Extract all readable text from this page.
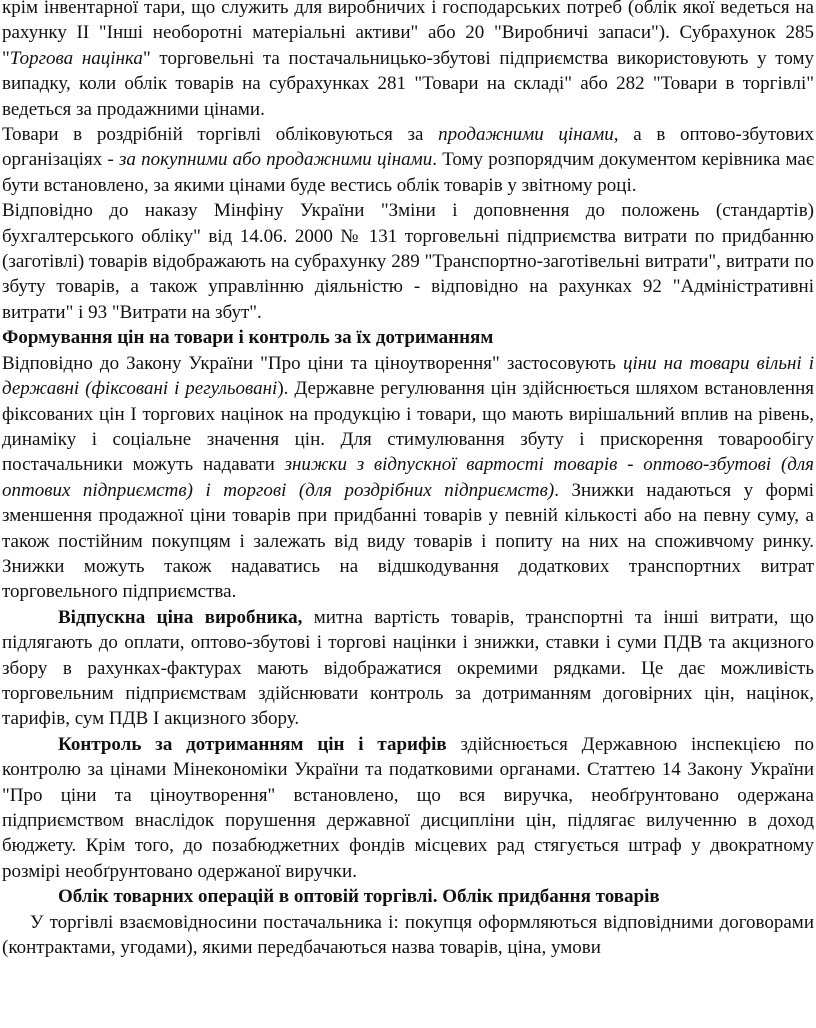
крім інвентарної тари, що служить для виробничих і господарських потреб (облік якої ведеться на рахунку ІІ "Інші необоротні матеріальні активи" або 20 "Виробничі запаси"). Субрахунок 285 "Торгова націнка" торговельні та постачальницько-збутові підприємства використовують у тому випадку, коли облік товарів на субрахунках 281 "Товари на складі" або 282 "Товари в торгівлі" ведеться за продажними цінами.

Товари в роздрібній торгівлі обліковуються за продажними цінами, а в оптово-збутових організаціях - за покупними або продажними цінами. Тому розпорядчим документом керівника має бути встановлено, за якими цінами буде вестись облік товарів у звітному році.

Відповідно до наказу Мінфіну України "Зміни і доповнення до положень (стандартів) бухгалтерського обліку" від 14.06. 2000 № 131 торговельні підприємства витрати по придбанню (заготівлі) товарів відображають на субрахунку 289 "Транспортно-заготівельні витрати", витрати по збуту товарів, а також управлінню діяльністю - відповідно на рахунках 92 "Адміністративні витрати" і 93 "Витрати на збут".

Формування цін на товари і контроль за їх дотриманням

Відповідно до Закону України "Про ціни та ціноутворення" застосовують ціни на товари вільні і державні (фіксовані і регульовані). Державне регулювання цін здійснюється шляхом встановлення фіксованих цін І торгових націнок на продукцію і товари, що мають вирішальний вплив на рівень, динаміку і соціальне значення цін. Для стимулювання збуту і прискорення товарообігу постачальники можуть надавати знижки з відпускної вартості товарів - оптово-збутові (для оптових підприємств) і торгові (для роздрібних підприємств). Знижки надаються у формі зменшення продажної ціни товарів при придбанні товарів у певній кількості або на певну суму, а також постійним покупцям і залежать від виду товарів і попиту на них на споживчому ринку. Знижки можуть також надаватись на відшкодування додаткових транспортних витрат торговельного підприємства.

Відпускна ціна виробника, митна вартість товарів, транспортні та інші витрати, що підлягають до оплати, оптово-збутові і торгові націнки і знижки, ставки і суми ПДВ та акцизного збору в рахунках-фактурах мають відображатися окремими рядками. Це дає можливість торговельним підприємствам здійснювати контроль за дотриманням договірних цін, націнок, тарифів, сум ПДВ І акцизного збору.

Контроль за дотриманням цін і тарифів здійснюється Державною інспекцією по контролю за цінами Мінекономіки України та податковими органами. Статтею 14 Закону України "Про ціни та ціноутворення" встановлено, що вся виручка, необґрунтовано одержана підприємством внаслідок порушення державної дисципліни цін, підлягає вилученню в доход бюджету. Крім того, до позабюджетних фондів місцевих рад стягується штраф у двократному розмірі необґрунтовано одержаної виручки.

Облік товарних операцій в оптовій торгівлі. Облік придбання товарів

У торгівлі взаємовідносини постачальника і: покупця оформляються відповідними договорами (контрактами, угодами), якими передбачаються назва товарів, ціна, умови
